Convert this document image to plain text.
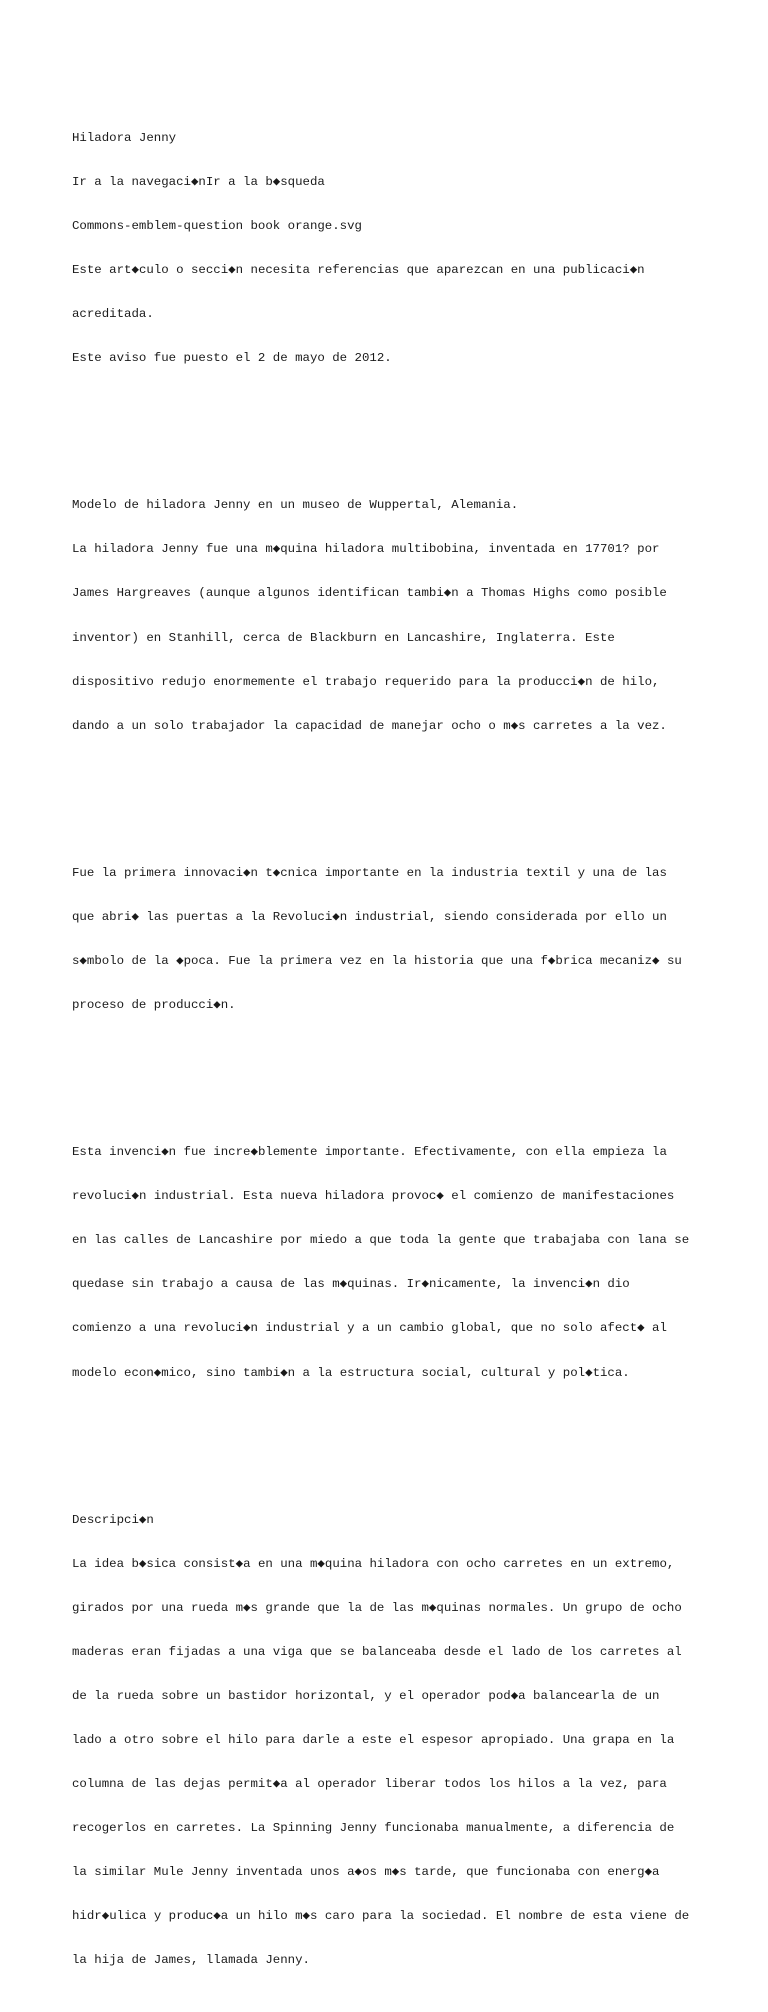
Hiladora Jenny

Ir a la navegaci◆nIr a la b◆squeda

Commons-emblem-question book orange.svg

Este art◆culo o secci◆n necesita referencias que aparezcan en una publicaci◆n

acreditada.

Este aviso fue puesto el 2 de mayo de 2012.

Modelo de hiladora Jenny en un museo de Wuppertal, Alemania.

La hiladora Jenny fue una m◆quina hiladora multibobina, inventada en 17701? por

James Hargreaves (aunque algunos identifican tambi◆n a Thomas Highs como posible

inventor) en Stanhill, cerca de Blackburn en Lancashire, Inglaterra. Este

dispositivo redujo enormemente el trabajo requerido para la producci◆n de hilo,

dando a un solo trabajador la capacidad de manejar ocho o m◆s carretes a la vez.

Fue la primera innovaci◆n t◆cnica importante en la industria textil y una de las

que abri◆ las puertas a la Revoluci◆n industrial, siendo considerada por ello un

s◆mbolo de la ◆poca. Fue la primera vez en la historia que una f◆brica mecaniz◆ su

proceso de producci◆n.

Esta invenci◆n fue incre◆blemente importante. Efectivamente, con ella empieza la

revoluci◆n industrial. Esta nueva hiladora provoc◆ el comienzo de manifestaciones

en las calles de Lancashire por miedo a que toda la gente que trabajaba con lana se

quedase sin trabajo a causa de las m◆quinas. Ir◆nicamente, la invenci◆n dio

comienzo a una revoluci◆n industrial y a un cambio global, que no solo afect◆ al

modelo econ◆mico, sino tambi◆n a la estructura social, cultural y pol◆tica.

Descripci◆n

La idea b◆sica consist◆a en una m◆quina hiladora con ocho carretes en un extremo,

girados por una rueda m◆s grande que la de las m◆quinas normales. Un grupo de ocho

maderas eran fijadas a una viga que se balanceaba desde el lado de los carretes al

de la rueda sobre un bastidor horizontal, y el operador pod◆a balancearla de un

lado a otro sobre el hilo para darle a este el espesor apropiado. Una grapa en la

columna de las dejas permit◆a al operador liberar todos los hilos a la vez, para

recogerlos en carretes. La Spinning Jenny funcionaba manualmente, a diferencia de

la similar Mule Jenny inventada unos a◆os m◆s tarde, que funcionaba con energ◆a

hidr◆ulica y produc◆a un hilo m◆s caro para la sociedad. El nombre de esta viene de

la hija de James, llamada Jenny.
